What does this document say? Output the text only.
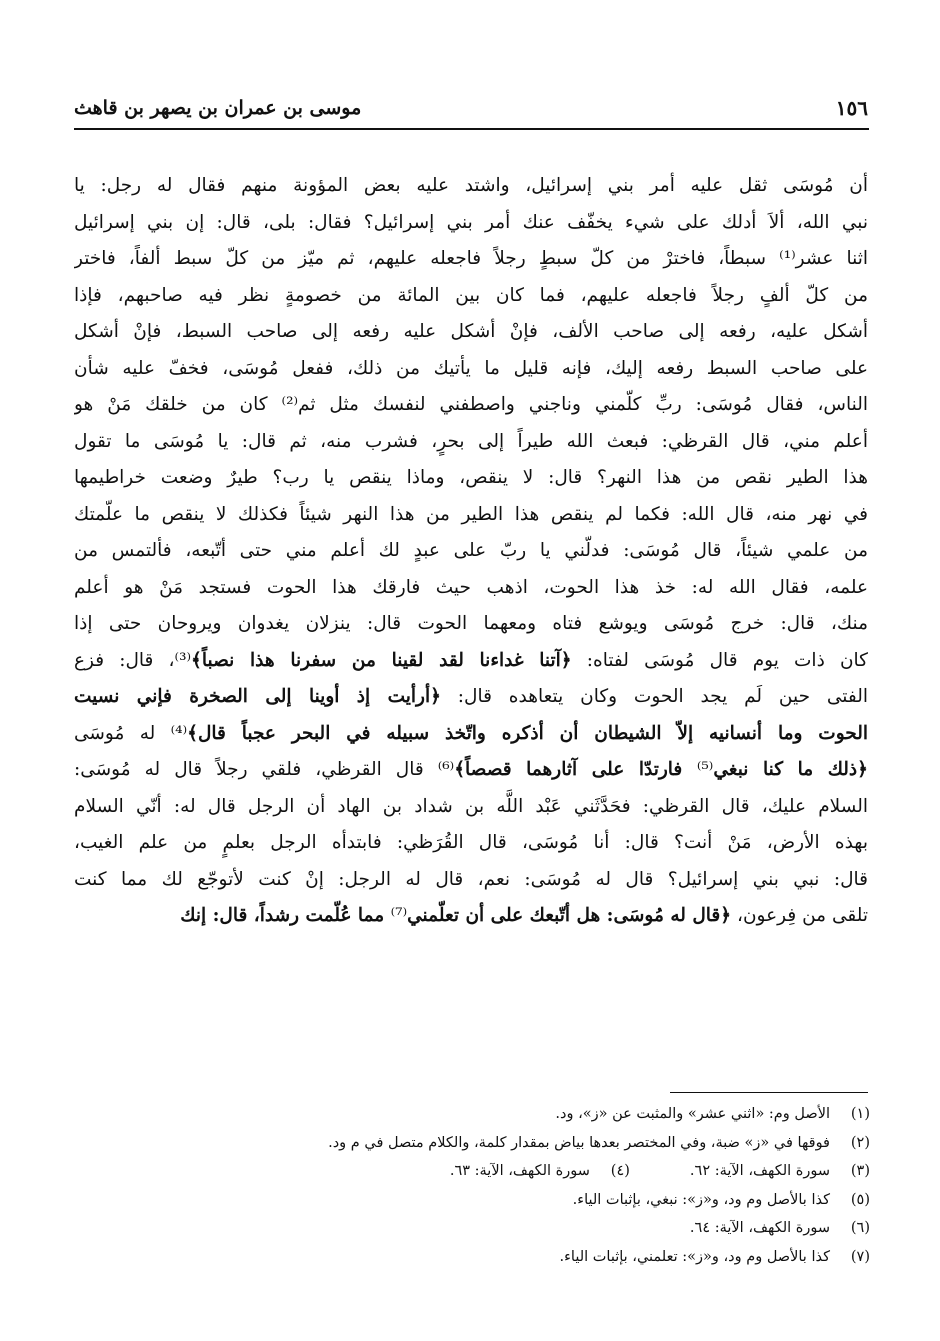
١٥٦
موسى بن عمران بن يصهر بن قاهث
أن مُوسَى ثقل عليه أمر بني إسرائيل، واشتد عليه بعض المؤونة منهم فقال له رجل: يا
نبي الله، ألاَ أدلك على شيء يخفّف عنك أمر بني إسرائيل؟ فقال: بلى، قال: إن بني إسرائيل
اثنا عشر⁽¹⁾ سبطاً، فاخترْ من كلّ سبطٍ رجلاً فاجعله عليهم، ثم ميّز من كلّ سبط ألفاً، فاختر
من كلّ ألفٍ رجلاً فاجعله عليهم، فما كان بين المائة من خصومةٍ نظر فيه صاحبهم، فإذا
أشكل عليه، رفعه إلى صاحب الألف، فإنْ أشكل عليه رفعه إلى صاحب السبط، فإنْ أشكل
على صاحب السبط رفعه إليك، فإنه قليل ما يأتيك من ذلك، ففعل مُوسَى، فخفّ عليه شأن
الناس، فقال مُوسَى: ربِّ كلّمني وناجني واصطفني لنفسك مثل ثم⁽²⁾ كان من خلقك مَنْ هو
أعلم مني، قال القرظي: فبعث الله طيراً إلى بحرٍ، فشرب منه، ثم قال: يا مُوسَى ما تقول
هذا الطير نقص من هذا النهر؟ قال: لا ينقص، وماذا ينقص يا رب؟ طيرٌ وضعت خراطيمها
في نهر منه، قال الله: فكما لم ينقص هذا الطير من هذا النهر شيئاً فكذلك لا ينقص ما علّمتك
من علمي شيئاً، قال مُوسَى: فدلّني يا ربّ على عبدٍ لك أعلم مني حتى أتّبعه، فألتمس من
علمه، فقال الله له: خذ هذا الحوت، اذهب حيث فارقك هذا الحوت فستجد مَنْ هو أعلم
منك، قال: خرج مُوسَى ويوشع فتاه ومعهما الحوت قال: ينزلان يغدوان ويروحان حتى إذا
كان ذات يوم قال مُوسَى لفتاه: ﴿آتنا غداءنا لقد لقينا من سفرنا هذا نصباً﴾⁽³⁾، قال: فزع
الفتى حين لَم يجد الحوت وكان يتعاهده قال: ﴿أرأيت إذ أوينا إلى الصخرة فإني نسيت
الحوت وما أنسانيه إلاّ الشيطان أن أذكره واتّخذ سبيله في البحر عجباً قال﴾⁽⁴⁾ له مُوسَى
﴿ذلك ما كنا نبغي⁽⁵⁾ فارتدّا على آثارهما قصصاً﴾⁽⁶⁾ قال القرظي، فلقي رجلاً قال له مُوسَى:
السلام عليك، قال القرظي: فحَدَّثَني عَبْد اللَّه بن شداد بن الهاد أن الرجل قال له: أنّي السلام
بهذه الأرض، مَنْ أنت؟ قال: أنا مُوسَى، قال القُرَظي: فابتدأه الرجل بعلمٍ من علم الغيب،
قال: نبي بني إسرائيل؟ قال له مُوسَى: نعم، قال له الرجل: إنْ كنت لأتوجّع لك مما كنت
تلقى من فِرعون، ﴿قال له مُوسَى: هل أتّبعك على أن تعلّمني⁽⁷⁾ مما عُلّمت رشداً، قال: إنك
(١)
الأصل وم: «اثني عشر» والمثبت عن «ز»، ود.
(٢)
فوقها في «ز» ضبة، وفي المختصر بعدها بياض بمقدار كلمة، والكلام متصل في م ود.
(٣)
سورة الكهف، الآية: ٦٢.
(٤)
سورة الكهف، الآية: ٦٣.
(٥)
كذا بالأصل وم ود، و«ز»: نبغي، بإثبات الياء.
(٦)
سورة الكهف، الآية: ٦٤.
(٧)
كذا بالأصل وم ود، و«ز»: تعلمني، بإثبات الياء.
